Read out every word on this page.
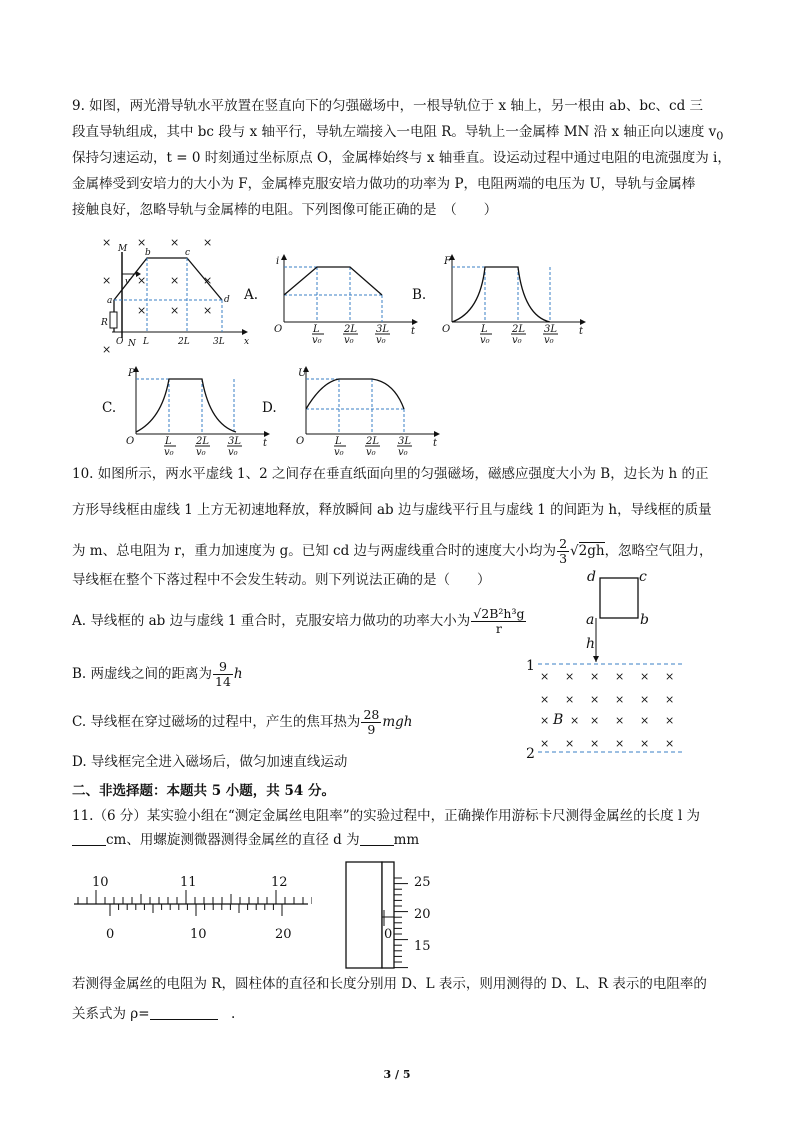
9. 如图，两光滑导轨水平放置在竖直向下的匀强磁场中，一根导轨位于 x 轴上，另一根由 ab、bc、cd 三
段直导轨组成，其中 bc 段与 x 轴平行，导轨左端接入一电阻 R。导轨上一金属棒 MN 沿 x 轴正向以速度 $v_0$
保持匀速运动，t = 0 时刻通过坐标原点 O，金属棒始终与 x 轴垂直。设运动过程中通过电阻的电流强度为 i，
金属棒受到安培力的大小为 F，金属棒克服安培力做功的功率为 P，电阻两端的电压为 U，导轨与金属棒
接触良好，忽略导轨与金属棒的电阻。下列图像可能正确的是　（　　）
× × × ×
× × × ×
× × ×
×
M
N
a
b	c
d
R
O	x
v
L	2L	3L
A.	B.
C.	D.
i
O	t
L 2L 3L
v₀ v₀ v₀
F
O	t
L 2L 3L
v₀ v₀ v₀
P
O	t
L 2L 3L
v₀ v₀ v₀
U
O	t
L 2L 3L
v₀ v₀ v₀
10. 如图所示，两水平虚线 1、2 之间存在垂直纸面向里的匀强磁场，磁感应强度大小为 B，边长为 h 的正
方形导线框由虚线 1 上方无初速地释放，释放瞬间 ab 边与虚线平行且与虚线 1 的间距为 h，导线框的质量
为 m、总电阻为 r，重力加速度为 g。已知 cd 边与两虚线重合时的速度大小均为 $\frac{2}{3} √2gh$，忽略空气阻力，
导线框在整个下落过程中不会发生转动。则下列说法正确的是（　　）
A. 导线框的 ab 边与虚线 1 重合时，克服安培力做功的功率大小为 $\frac{\text{√2B²h³g}}{r}$
B. 两虚线之间的距离为 $\frac{9}{14}$ h
C. 导线框在穿过磁场的过程中，产生的焦耳热为 $\frac{28}{9}$ mgh
D. 导线框完全进入磁场后，做匀加速直线运动
d	c
a	b
h
B
1
2
× × × × × ×
× × × × × ×
× × × × × ×
× × × × × ×
二、非选择题：本题共 5 小题，共 54 分。
11.（6 分）某实验小组在“测定金属丝电阻率”的实验过程中，正确操作用游标卡尺测得金属丝的长度 l 为
cm、用螺旋测微器测得金属丝的直径 d 为	mm
10	11	12
0	10	20
25
20
15
0
若测得金属丝的电阻为 R，圆柱体的直径和长度分别用 D、L 表示，则用测得的 D、L、R 表示的电阻率的
关系式为 ρ=　	.
3 / 5
